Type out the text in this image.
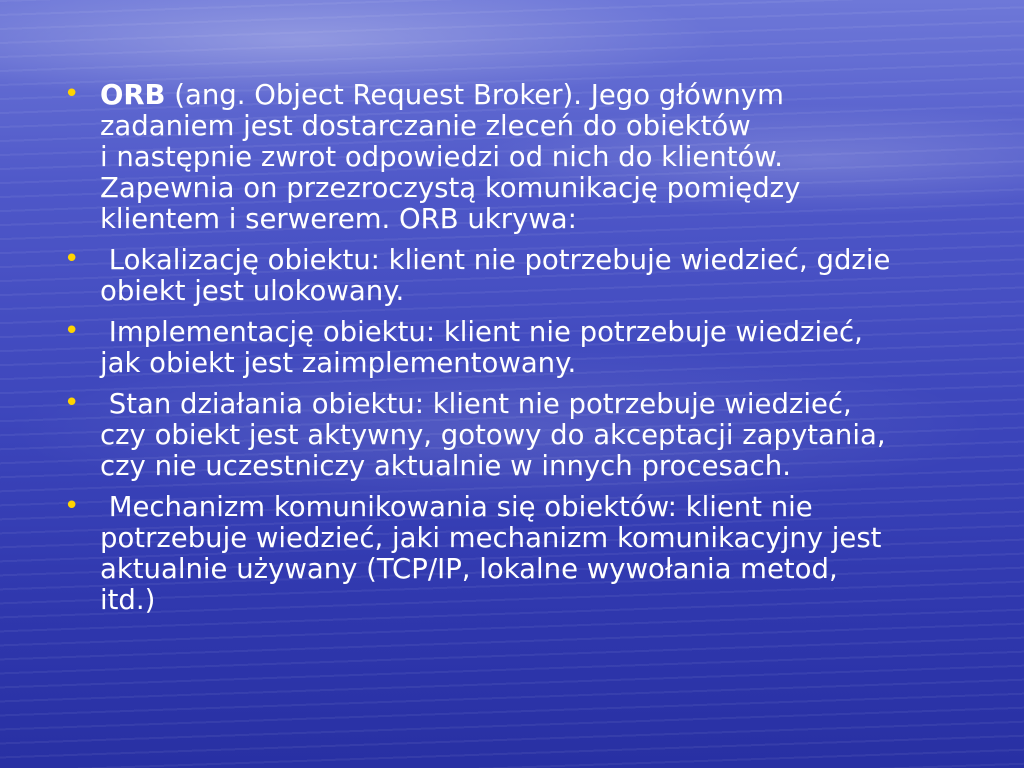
• ORB (ang. Object Request Broker). Jego głównym
zadaniem jest dostarczanie zleceń do obiektów
i następnie zwrot odpowiedzi od nich do klientów.
Zapewnia on przezroczystą komunikację pomiędzy
klientem i serwerem. ORB ukrywa:
• Lokalizację obiektu: klient nie potrzebuje wiedzieć, gdzie
obiekt jest ulokowany.
• Implementację obiektu: klient nie potrzebuje wiedzieć,
jak obiekt jest zaimplementowany.
• Stan działania obiektu: klient nie potrzebuje wiedzieć,
czy obiekt jest aktywny, gotowy do akceptacji zapytania,
czy nie uczestniczy aktualnie w innych procesach.
• Mechanizm komunikowania się obiektów: klient nie
potrzebuje wiedzieć, jaki mechanizm komunikacyjny jest
aktualnie używany (TCP/IP, lokalne wywołania metod,
itd.)
